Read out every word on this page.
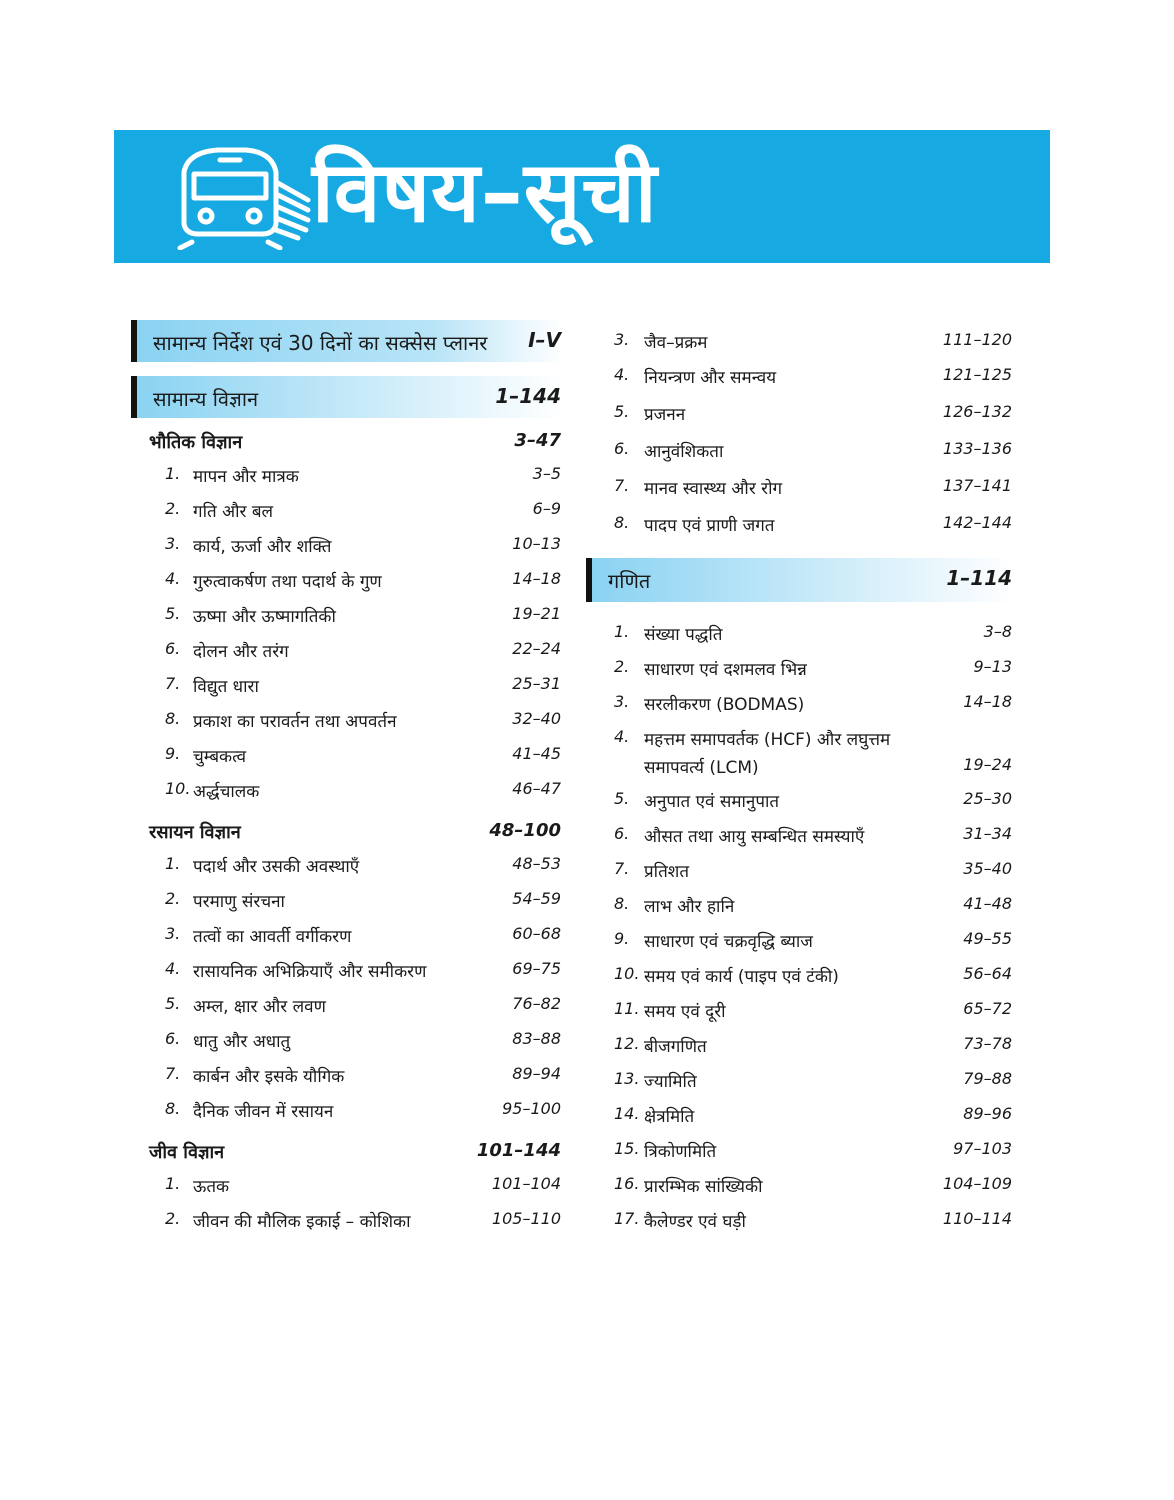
विषय–सूची
सामान्य निर्देश एवं 30 दिनों का सक्सेस प्लानर I–V
सामान्य विज्ञान	1–144
भौतिक विज्ञान	3–47
1. मापन और मात्रक	3–5
2. गति और बल	6–9
3. कार्य, ऊर्जा और शक्ति	10–13
4. गुरुत्वाकर्षण तथा पदार्थ के गुण	14–18
5. ऊष्मा और ऊष्मागतिकी	19–21
6. दोलन और तरंग	22–24
7. विद्युत धारा	25–31
8. प्रकाश का परावर्तन तथा अपवर्तन	32–40
9. चुम्बकत्व	41–45
10. अर्द्धचालक	46–47
रसायन विज्ञान	48–100
1. पदार्थ और उसकी अवस्थाएँ	48–53
2. परमाणु संरचना	54–59
3. तत्वों का आवर्ती वर्गीकरण	60–68
4. रासायनिक अभिक्रियाएँ और समीकरण	69–75
5. अम्ल, क्षार और लवण	76–82
6. धातु और अधातु	83–88
7. कार्बन और इसके यौगिक	89–94
8. दैनिक जीवन में रसायन	95–100
जीव विज्ञान	101–144
1. ऊतक	101–104
2. जीवन की मौलिक इकाई – कोशिका	105–110
3. जैव–प्रक्रम	111–120
4. नियन्त्रण और समन्वय	121–125
5. प्रजनन	126–132
6. आनुवंशिकता	133–136
7. मानव स्वास्थ्य और रोग	137–141
8. पादप एवं प्राणी जगत	142–144
गणित	1–114
1. संख्या पद्धति	3–8
2. साधारण एवं दशमलव भिन्न	9–13
3. सरलीकरण (BODMAS)	14–18
4. महत्तम समापवर्तक (HCF) और लघुत्तम
समापवर्त्य (LCM)	19–24
5. अनुपात एवं समानुपात	25–30
6. औसत तथा आयु सम्बन्धित समस्याएँ	31–34
7. प्रतिशत	35–40
8. लाभ और हानि	41–48
9. साधारण एवं चक्रवृद्धि ब्याज	49–55
10. समय एवं कार्य (पाइप एवं टंकी)	56–64
11. समय एवं दूरी	65–72
12. बीजगणित	73–78
13. ज्यामिति	79–88
14. क्षेत्रमिति	89–96
15. त्रिकोणमिति	97–103
16. प्रारम्भिक सांख्यिकी	104–109
17. कैलेण्डर एवं घड़ी	110–114
